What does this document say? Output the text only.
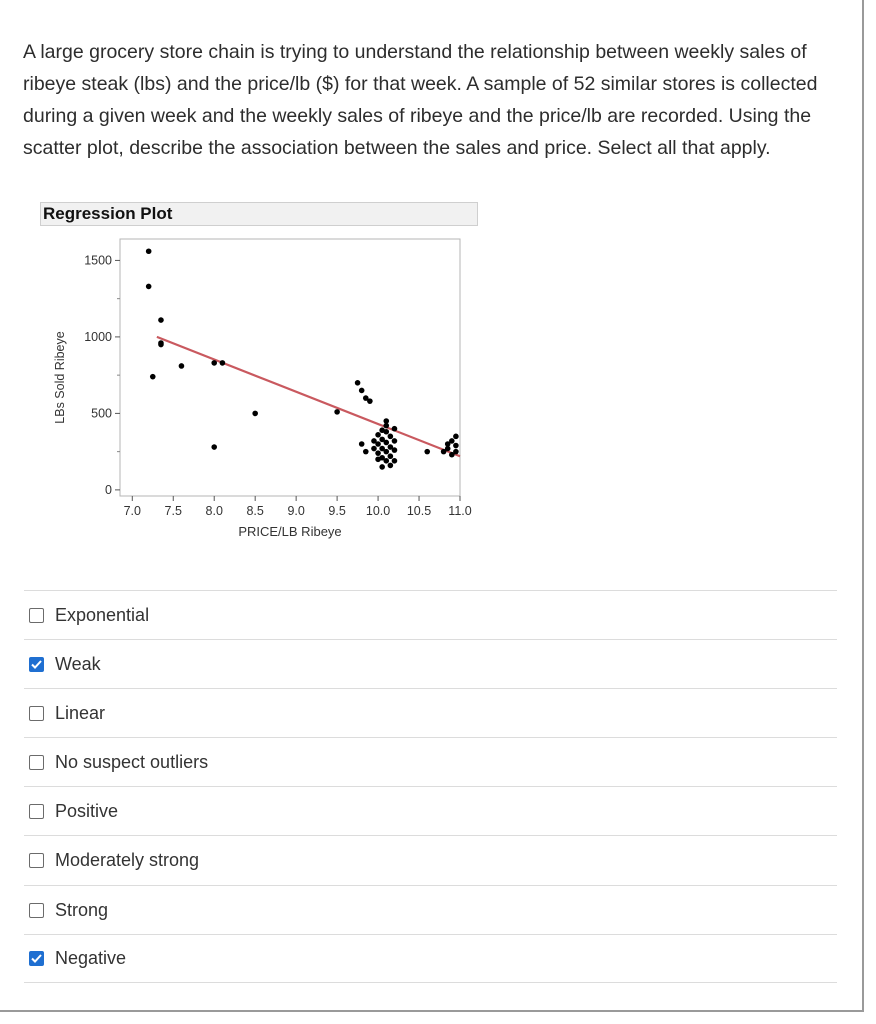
A large grocery store chain is trying to understand the relationship between weekly sales of ribeye steak (lbs) and the price/lb ($) for that week. A sample of 52 similar stores is collected during a given week and the weekly sales of ribeye and the price/lb are recorded. Using the scatter plot, describe the association between the sales and price. Select all that apply.
Regression Plot
0
500
1000
1500
7.0 7.5 8.0 8.5 9.0 9.5 10.0 10.5 11.0
PRICE/LB Ribeye
LBs Sold Ribeye
Exponential
Weak
Linear
No suspect outliers
Positive
Moderately strong
Strong
Negative
